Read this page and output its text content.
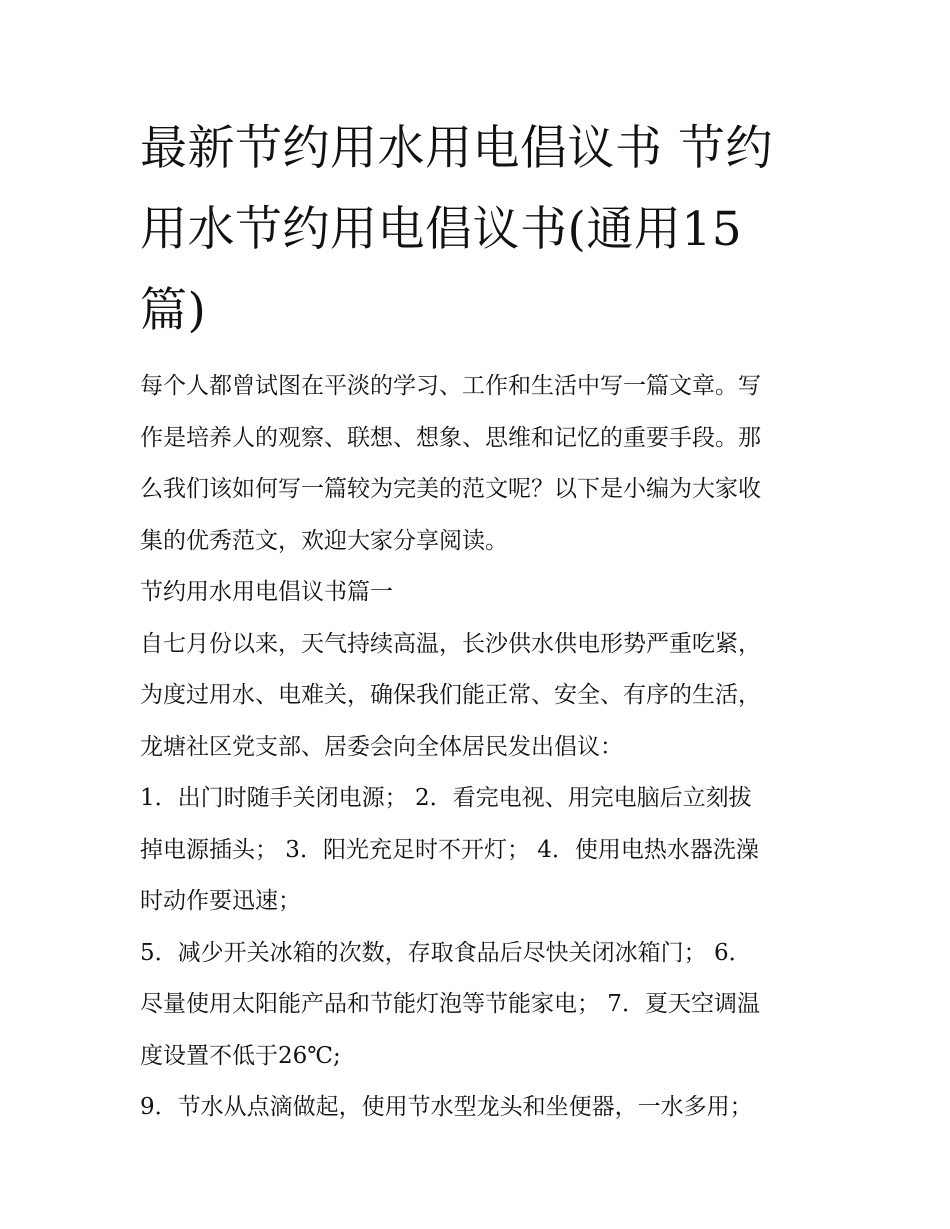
最新节约用水用电倡议书 节约
用水节约用电倡议书(通用15
篇)

每个人都曾试图在平淡的学习、工作和生活中写一篇文章。写
作是培养人的观察、联想、想象、思维和记忆的重要手段。那
么我们该如何写一篇较为完美的范文呢？以下是小编为大家收
集的优秀范文，欢迎大家分享阅读。

节约用水用电倡议书篇一

自七月份以来，天气持续高温，长沙供水供电形势严重吃紧，
为度过用水、电难关，确保我们能正常、安全、有序的生活，
龙塘社区党支部、居委会向全体居民发出倡议：

1．出门时随手关闭电源； 2．看完电视、用完电脑后立刻拔
掉电源插头； 3．阳光充足时不开灯； 4．使用电热水器洗澡
时动作要迅速；

5．减少开关冰箱的次数，存取食品后尽快关闭冰箱门； 6．
尽量使用太阳能产品和节能灯泡等节能家电； 7．夏天空调温
度设置不低于26℃;

9．节水从点滴做起，使用节水型龙头和坐便器，一水多用；
